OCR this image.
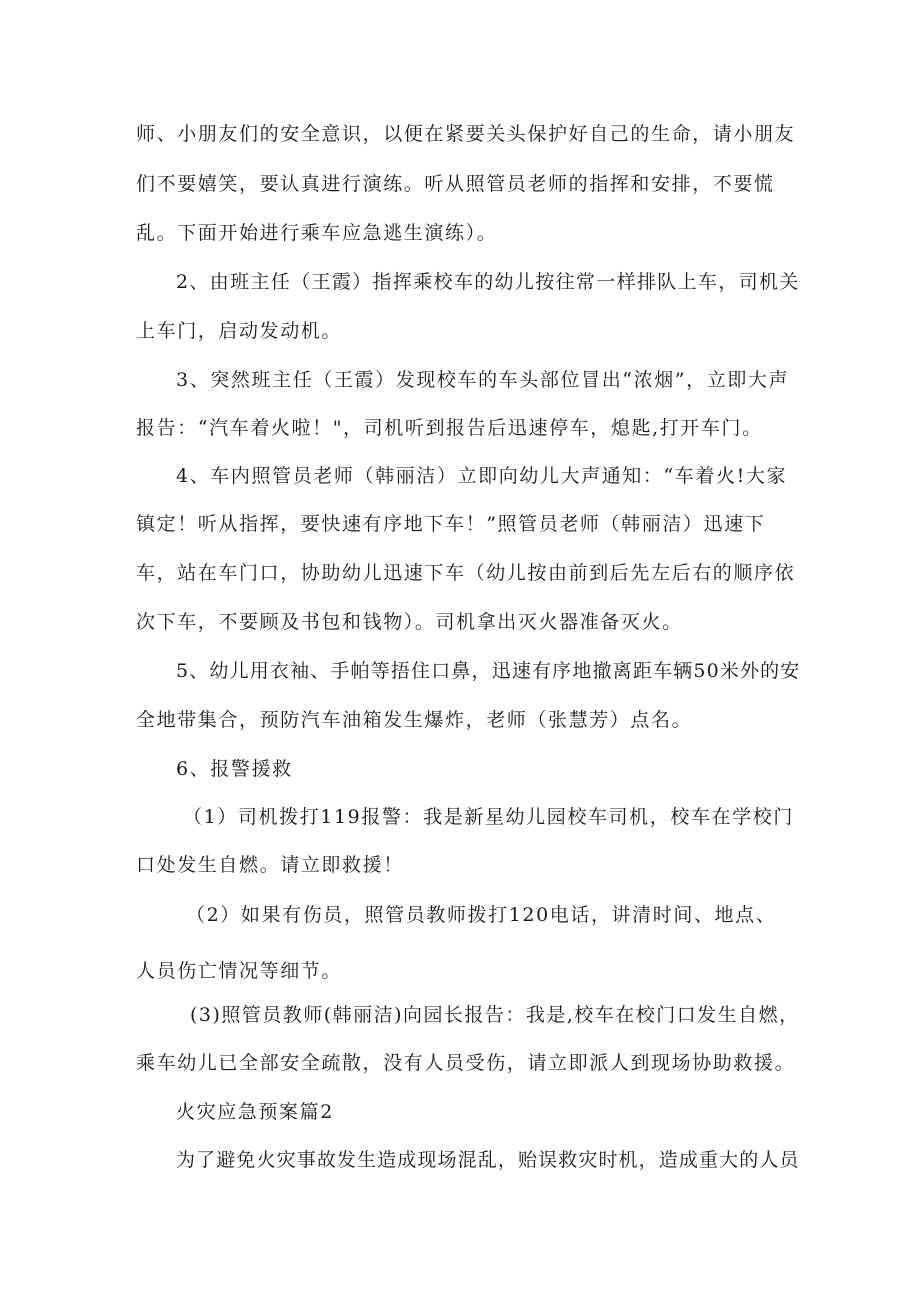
师、小朋友们的安全意识，以便在紧要关头保护好自己的生命，请小朋友
们不要嬉笑，要认真进行演练。听从照管员老师的指挥和安排，不要慌
乱。下面开始进行乘车应急逃生演练）。
2、由班主任（王霞）指挥乘校车的幼儿按往常一样排队上车，司机关
上车门，启动发动机。
3、突然班主任（王霞）发现校车的车头部位冒出“浓烟”，立即大声
报告：“汽车着火啦！"，司机听到报告后迅速停车，熄匙,打开车门。
4、车内照管员老师（韩丽洁）立即向幼儿大声通知：“车着火!大家
镇定！听从指挥，要快速有序地下车！”照管员老师（韩丽洁）迅速下
车，站在车门口，协助幼儿迅速下车（幼儿按由前到后先左后右的顺序依
次下车，不要顾及书包和钱物）。司机拿出灭火器准备灭火。
5、幼儿用衣袖、手帕等捂住口鼻，迅速有序地撤离距车辆50米外的安
全地带集合，预防汽车油箱发生爆炸，老师（张慧芳）点名。
6、报警援救
（1）司机拨打119报警：我是新星幼儿园校车司机，校车在学校门
口处发生自燃。请立即救援！
（2）如果有伤员，照管员教师拨打120电话，讲清时间、地点、
人员伤亡情况等细节。
(3)照管员教师(韩丽洁)向园长报告：我是,校车在校门口发生自燃，
乘车幼儿已全部安全疏散，没有人员受伤，请立即派人到现场协助救援。
火灾应急预案篇2
为了避免火灾事故发生造成现场混乱，贻误救灾时机，造成重大的人员
